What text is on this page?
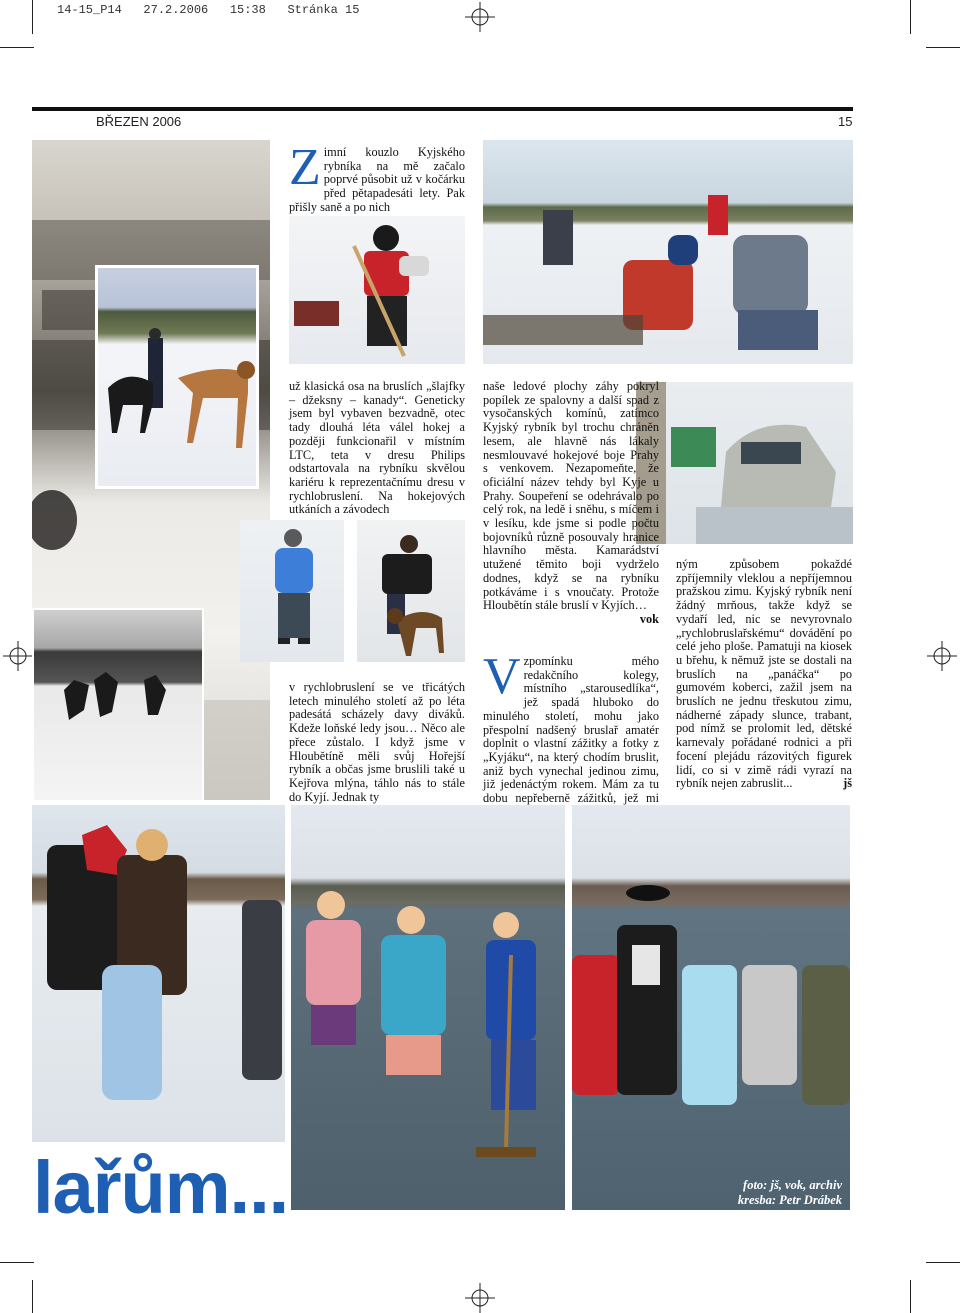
14-15_P14   27.2.2006   15:38   Stránka 15
BŘEZEN 2006	15
Z imní kouzlo Kyjského rybníka na mě začalo poprvé působit už v kočárku před pětapadesáti lety. Pak přišly saně a po nich
už klasická osa na bruslích „šlajfky – džeksny – kanady“. Geneticky jsem byl vybaven bezvadně, otec tady dlouhá léta válel hokej a později funkcionařil v místním LTC, teta v dresu Philips odstartovala na rybníku skvělou kariéru k reprezentačnímu dresu v rychlobruslení. Na hokejových utkáních a závodech
v rychlobruslení se ve třicátých letech minulého století až po léta padesátá scházely davy diváků. Kdeže loňské ledy jsou… Něco ale přece zůstalo. I když jsme v Hloubětíně měli svůj Hořejší rybník a občas jsme bruslili také u Kejřova mlýna, táhlo nás to stále do Kyjí. Jednak ty
naše ledové plochy záhy pokryl popílek ze spalovny a další spad z vysočanských komínů, zatímco Kyjský rybník byl trochu chráněn lesem, ale hlavně nás lákaly nesmlouvavé hokejové boje Prahy s venkovem. Nezapomeňte, že oficiální název tehdy byl Kyje u Prahy. Soupeření se odehrávalo po celý rok, na ledě i sněhu, s míčem i v lesíku, kde jsme si podle počtu bojovníků různě posouvaly hranice hlavního města. Kamarádství utužené těmito boji vydrželo dodnes, když se na rybníku potkáváme i s vnoučaty. Protože Hloubětín stále bruslí v Kyjích…
vok
V zpomínku mého redakčního kolegy, místního „starousedlíka“, jež spadá hluboko do minulého století, mohu jako přespolní nadšený bruslař amatér doplnit o vlastní zážitky a fotky z „Kyjáku“, na který chodím bruslit, aniž bych vynechal jedinou zimu, již jedenáctým rokem. Mám za tu dobu nepřeberně zážitků, jež mi
ným způsobem pokaždé zpříjemnily vleklou a nepříjemnou pražskou zimu. Kyjský rybník není žádný mrňous, takže když se vydaří led, nic se nevyrovnalo „rychlobruslařskému“ dovádění po celé jeho ploše. Pamatuji na kiosek u břehu, k němuž jste se dostali na bruslích na „panáčka“ po gumovém koberci, zažil jsem na bruslích ne jednu třeskutou zimu, nádherné západy slunce, trabant, pod nímž se prolomit led, dětské karnevaly pořádané rodnici a při focení plejádu rázovitých figurek lidí, co si v zimě rádi vyrazí na rybník nejen zabruslit...	jš
lařům...	foto: jš, vok, archiv
kresba: Petr Drábek
